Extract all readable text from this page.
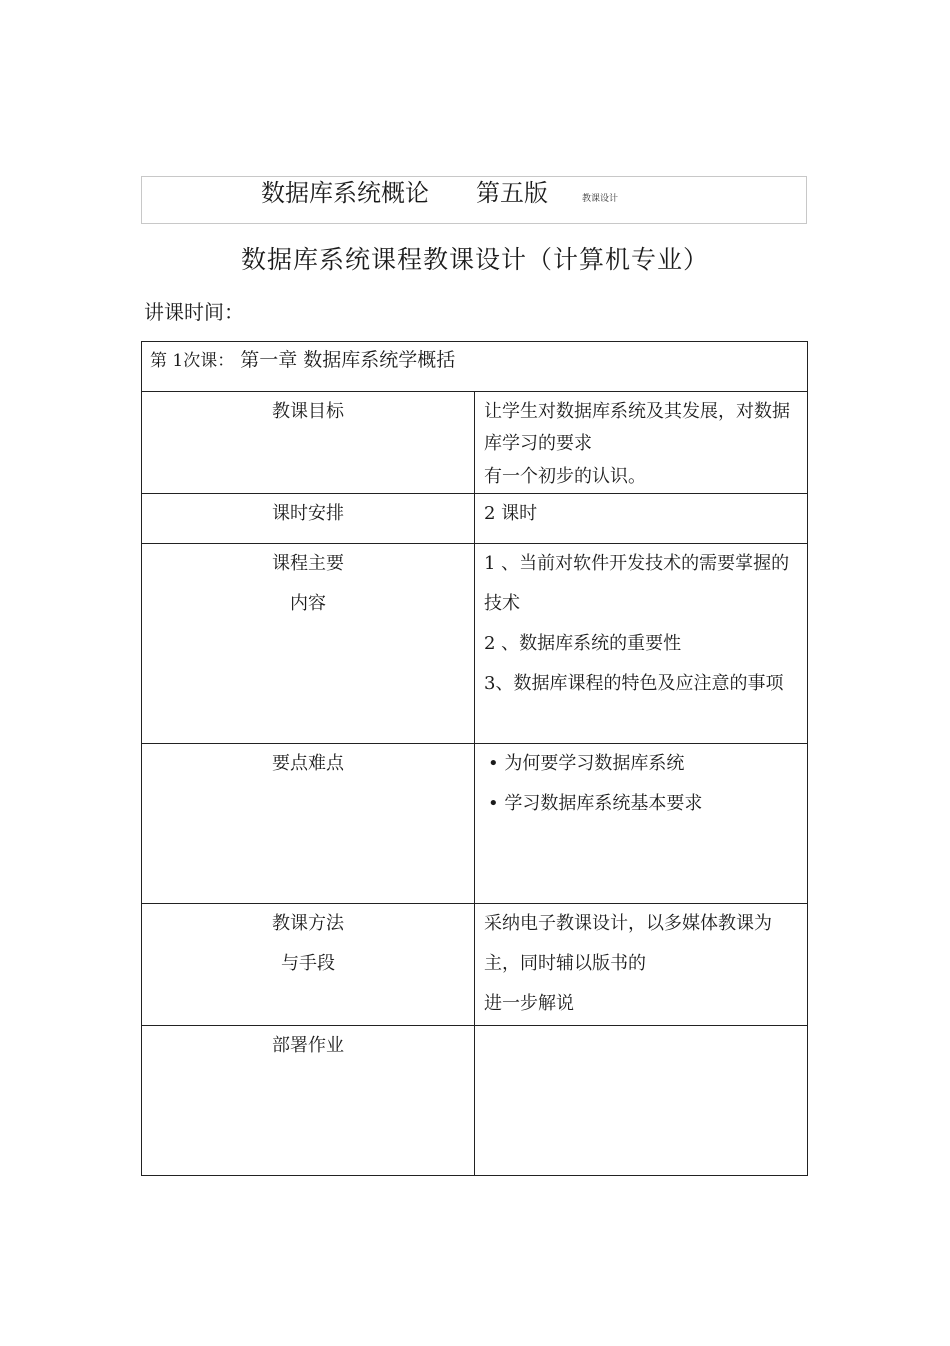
数据库系统概论 第五版	教课设计
数据库系统课程教课设计（计算机专业）
讲课时间：
第 1次课： 第一章 数据库系统学概括	

教课目标	让学生对数据库系统及其发展，对数据库学习的要求
有一个初步的认识。

课时安排	2 课时

课程主要
内容	1 、当前对软件开发技术的需要掌握的技术
2 、数据库系统的重要性
3、数据库课程的特色及应注意的事项

要点难点	• 为何要学习数据库系统
• 学习数据库系统基本要求

教课方法
与手段	采纳电子教课设计，以多媒体教课为主，同时辅以版书的
进一步解说

部署作业	
